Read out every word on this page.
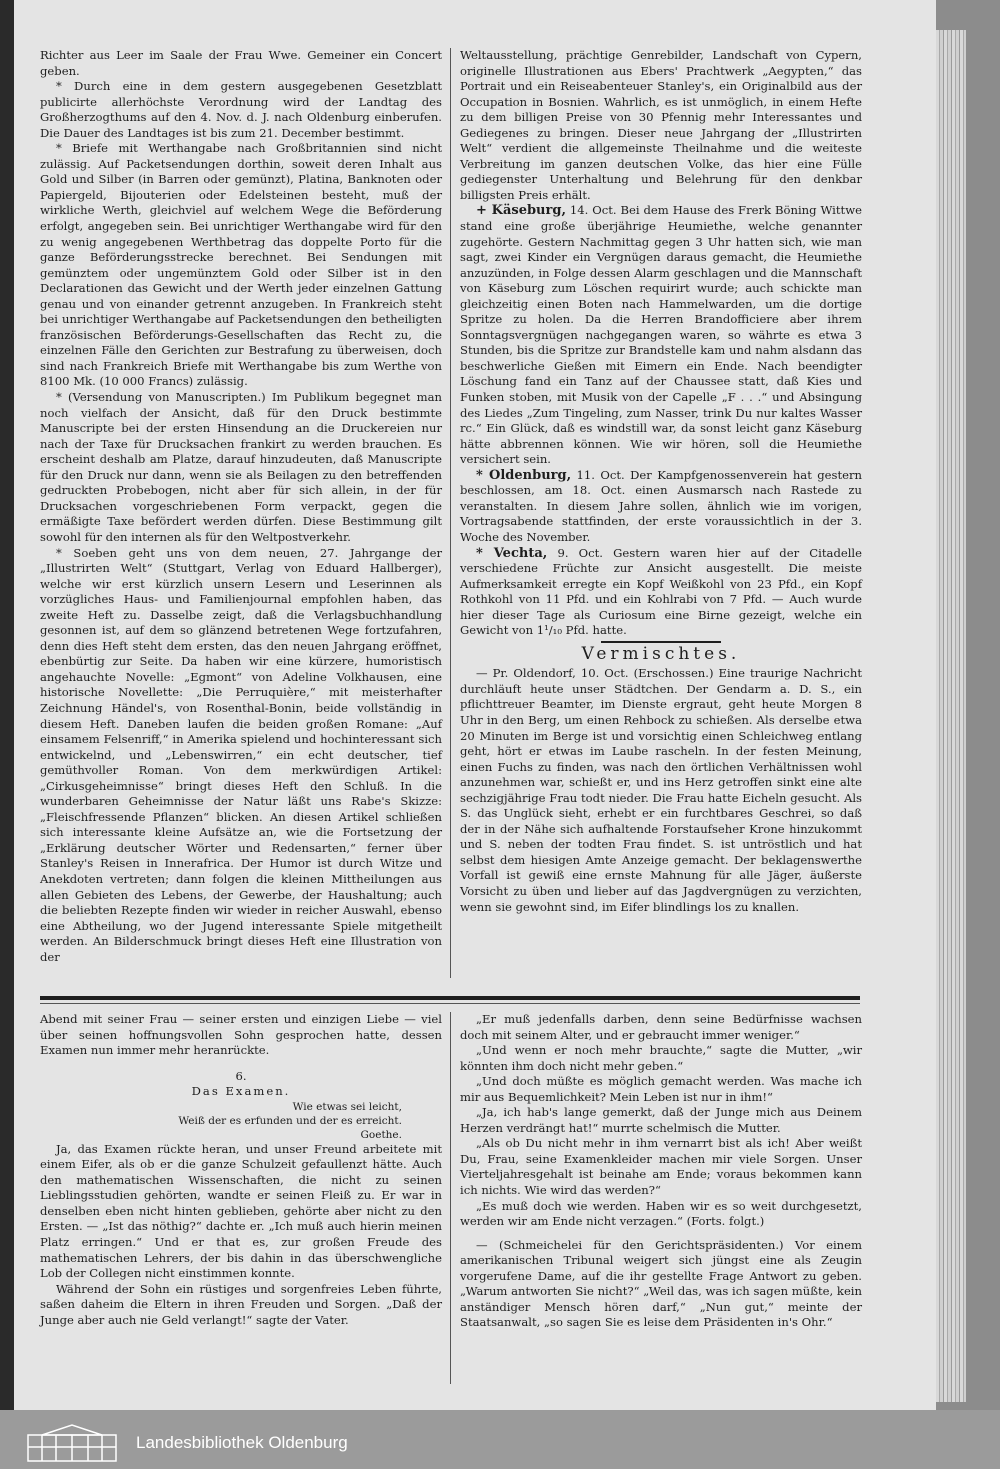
Richter aus Leer im Saale der Frau Wwe. Gemeiner ein Concert geben.

* Durch eine in dem gestern ausgegebenen Gesetzblatt publicirte allerhöchste Verordnung wird der Landtag des Großherzogthums auf den 4. Nov. d. J. nach Oldenburg einberufen. Die Dauer des Landtages ist bis zum 21. December bestimmt.

* Briefe mit Werthangabe nach Großbritannien sind nicht zulässig. Auf Packetsendungen dorthin, soweit deren Inhalt aus Gold und Silber (in Barren oder gemünzt), Platina, Banknoten oder Papiergeld, Bijouterien oder Edelsteinen besteht, muß der wirkliche Werth, gleichviel auf welchem Wege die Beförderung erfolgt, angegeben sein. Bei unrichtiger Werthangabe wird für den zu wenig angegebenen Werthbetrag das doppelte Porto für die ganze Beförderungsstrecke berechnet. Bei Sendungen mit gemünztem oder ungemünztem Gold oder Silber ist in den Declarationen das Gewicht und der Werth jeder einzelnen Gattung genau und von einander getrennt anzugeben. In Frankreich steht bei unrichtiger Werthangabe auf Packetsendungen den betheiligten französischen Beförderungs-Gesellschaften das Recht zu, die einzelnen Fälle den Gerichten zur Bestrafung zu überweisen, doch sind nach Frankreich Briefe mit Werthangabe bis zum Werthe von 8100 Mk. (10 000 Francs) zulässig.

* (Versendung von Manuscripten.) Im Publikum begegnet man noch vielfach der Ansicht, daß für den Druck bestimmte Manuscripte bei der ersten Hinsendung an die Druckereien nur nach der Taxe für Drucksachen frankirt zu werden brauchen. Es erscheint deshalb am Platze, darauf hinzudeuten, daß Manuscripte für den Druck nur dann, wenn sie als Beilagen zu den betreffenden gedruckten Probebogen, nicht aber für sich allein, in der für Drucksachen vorgeschriebenen Form verpackt, gegen die ermäßigte Taxe befördert werden dürfen. Diese Bestimmung gilt sowohl für den internen als für den Weltpostverkehr.

* Soeben geht uns von dem neuen, 27. Jahrgange der „Illustrirten Welt“ (Stuttgart, Verlag von Eduard Hallberger), welche wir erst kürzlich unsern Lesern und Leserinnen als vorzügliches Haus- und Familienjournal empfohlen haben, das zweite Heft zu. Dasselbe zeigt, daß die Verlagsbuchhandlung gesonnen ist, auf dem so glänzend betretenen Wege fortzufahren, denn dies Heft steht dem ersten, das den neuen Jahrgang eröffnet, ebenbürtig zur Seite. Da haben wir eine kürzere, humoristisch angehauchte Novelle: „Egmont“ von Adeline Volkhausen, eine historische Novellette: „Die Perruquière,“ mit meisterhafter Zeichnung Händel's, von Rosenthal-Bonin, beide vollständig in diesem Heft. Daneben laufen die beiden großen Romane: „Auf einsamem Felsenriff,“ in Amerika spielend und hochinteressant sich entwickelnd, und „Lebenswirren,“ ein echt deutscher, tief gemüthvoller Roman. Von dem merkwürdigen Artikel: „Cirkusgeheimnisse“ bringt dieses Heft den Schluß. In die wunderbaren Geheimnisse der Natur läßt uns Rabe's Skizze: „Fleischfressende Pflanzen“ blicken. An diesen Artikel schließen sich interessante kleine Aufsätze an, wie die Fortsetzung der „Erklärung deutscher Wörter und Redensarten,“ ferner über Stanley's Reisen in Innerafrica. Der Humor ist durch Witze und Anekdoten vertreten; dann folgen die kleinen Mittheilungen aus allen Gebieten des Lebens, der Gewerbe, der Haushaltung; auch die beliebten Rezepte finden wir wieder in reicher Auswahl, ebenso eine Abtheilung, wo der Jugend interessante Spiele mitgetheilt werden. An Bilderschmuck bringt dieses Heft eine Illustration von der

Weltausstellung, prächtige Genrebilder, Landschaft von Cypern, originelle Illustrationen aus Ebers' Prachtwerk „Aegypten,“ das Portrait und ein Reiseabenteuer Stanley's, ein Originalbild aus der Occupation in Bosnien. Wahrlich, es ist unmöglich, in einem Hefte zu dem billigen Preise von 30 Pfennig mehr Interessantes und Gediegenes zu bringen. Dieser neue Jahrgang der „Illustrirten Welt“ verdient die allgemeinste Theilnahme und die weiteste Verbreitung im ganzen deutschen Volke, das hier eine Fülle gediegenster Unterhaltung und Belehrung für den denkbar billigsten Preis erhält.

+ Käseburg, 14. Oct. Bei dem Hause des Frerk Böning Wittwe stand eine große überjährige Heumiethe, welche genannter zugehörte. Gestern Nachmittag gegen 3 Uhr hatten sich, wie man sagt, zwei Kinder ein Vergnügen daraus gemacht, die Heumiethe anzuzünden, in Folge dessen Alarm geschlagen und die Mannschaft von Käseburg zum Löschen requirirt wurde; auch schickte man gleichzeitig einen Boten nach Hammelwarden, um die dortige Spritze zu holen. Da die Herren Brandofficiere aber ihrem Sonntagsvergnügen nachgegangen waren, so währte es etwa 3 Stunden, bis die Spritze zur Brandstelle kam und nahm alsdann das beschwerliche Gießen mit Eimern ein Ende. Nach beendigter Löschung fand ein Tanz auf der Chaussee statt, daß Kies und Funken stoben, mit Musik von der Capelle „F . . .“ und Absingung des Liedes „Zum Tingeling, zum Nasser, trink Du nur kaltes Wasser rc.“ Ein Glück, daß es windstill war, da sonst leicht ganz Käseburg hätte abbrennen können. Wie wir hören, soll die Heumiethe versichert sein.

* Oldenburg, 11. Oct. Der Kampfgenossenverein hat gestern beschlossen, am 18. Oct. einen Ausmarsch nach Rastede zu veranstalten. In diesem Jahre sollen, ähnlich wie im vorigen, Vortragsabende stattfinden, der erste voraussichtlich in der 3. Woche des November.

* Vechta, 9. Oct. Gestern waren hier auf der Citadelle verschiedene Früchte zur Ansicht ausgestellt. Die meiste Aufmerksamkeit erregte ein Kopf Weißkohl von 23 Pfd., ein Kopf Rothkohl von 11 Pfd. und ein Kohlrabi von 7 Pfd. — Auch wurde hier dieser Tage als Curiosum eine Birne gezeigt, welche ein Gewicht von 1¹/₁₀ Pfd. hatte.

Vermischtes.

— Pr. Oldendorf, 10. Oct. (Erschossen.) Eine traurige Nachricht durchläuft heute unser Städtchen. Der Gendarm a. D. S., ein pflichttreuer Beamter, im Dienste ergraut, geht heute Morgen 8 Uhr in den Berg, um einen Rehbock zu schießen. Als derselbe etwa 20 Minuten im Berge ist und vorsichtig einen Schleichweg entlang geht, hört er etwas im Laube rascheln. In der festen Meinung, einen Fuchs zu finden, was nach den örtlichen Verhältnissen wohl anzunehmen war, schießt er, und ins Herz getroffen sinkt eine alte sechzigjährige Frau todt nieder. Die Frau hatte Eicheln gesucht. Als S. das Unglück sieht, erhebt er ein furchtbares Geschrei, so daß der in der Nähe sich aufhaltende Forstaufseher Krone hinzukommt und S. neben der todten Frau findet. S. ist untröstlich und hat selbst dem hiesigen Amte Anzeige gemacht. Der beklagenswerthe Vorfall ist gewiß eine ernste Mahnung für alle Jäger, äußerste Vorsicht zu üben und lieber auf das Jagdvergnügen zu verzichten, wenn sie gewohnt sind, im Eifer blindlings los zu knallen.

Abend mit seiner Frau — seiner ersten und einzigen Liebe — viel über seinen hoffnungsvollen Sohn gesprochen hatte, dessen Examen nun immer mehr heranrückte.

6.

Das Examen.

Wie etwas sei leicht,

Weiß der es erfunden und der es erreicht.

Goethe.

Ja, das Examen rückte heran, und unser Freund arbeitete mit einem Eifer, als ob er die ganze Schulzeit gefaullenzt hätte. Auch den mathematischen Wissenschaften, die nicht zu seinen Lieblingsstudien gehörten, wandte er seinen Fleiß zu. Er war in denselben eben nicht hinten geblieben, gehörte aber nicht zu den Ersten. — „Ist das nöthig?“ dachte er. „Ich muß auch hierin meinen Platz erringen.“ Und er that es, zur großen Freude des mathematischen Lehrers, der bis dahin in das überschwengliche Lob der Collegen nicht einstimmen konnte.

Während der Sohn ein rüstiges und sorgenfreies Leben führte, saßen daheim die Eltern in ihren Freuden und Sorgen. „Daß der Junge aber auch nie Geld verlangt!“ sagte der Vater.

„Er muß jedenfalls darben, denn seine Bedürfnisse wachsen doch mit seinem Alter, und er gebraucht immer weniger.“

„Und wenn er noch mehr brauchte,“ sagte die Mutter, „wir könnten ihm doch nicht mehr geben.“

„Und doch müßte es möglich gemacht werden. Was mache ich mir aus Bequemlichkeit? Mein Leben ist nur in ihm!“

„Ja, ich hab's lange gemerkt, daß der Junge mich aus Deinem Herzen verdrängt hat!“ murrte schelmisch die Mutter.

„Als ob Du nicht mehr in ihm vernarrt bist als ich! Aber weißt Du, Frau, seine Examenkleider machen mir viele Sorgen. Unser Vierteljahresgehalt ist beinahe am Ende; voraus bekommen kann ich nichts. Wie wird das werden?“

„Es muß doch wie werden. Haben wir es so weit durchgesetzt, werden wir am Ende nicht verzagen.“ (Forts. folgt.)

— (Schmeichelei für den Gerichtspräsidenten.) Vor einem amerikanischen Tribunal weigert sich jüngst eine als Zeugin vorgerufene Dame, auf die ihr gestellte Frage Antwort zu geben. „Warum antworten Sie nicht?“ „Weil das, was ich sagen müßte, kein anständiger Mensch hören darf,“ „Nun gut,“ meinte der Staatsanwalt, „so sagen Sie es leise dem Präsidenten in's Ohr.“

Landesbibliothek Oldenburg
